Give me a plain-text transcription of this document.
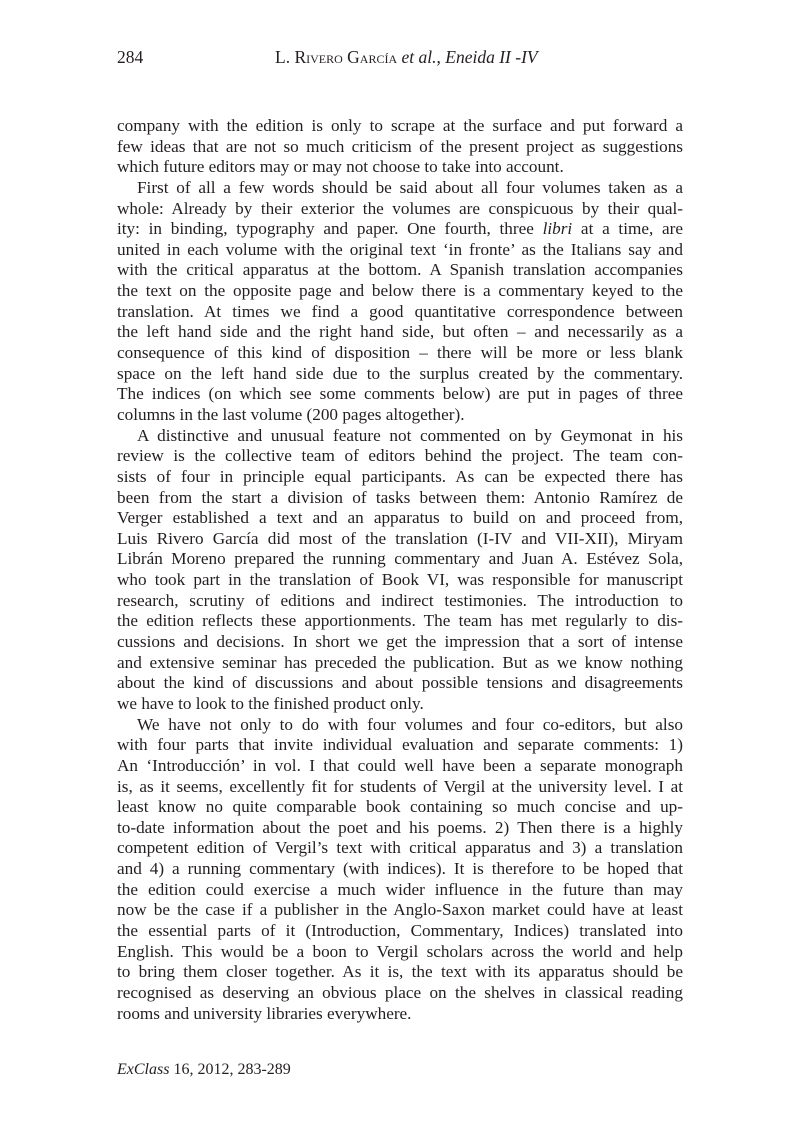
284	L. Rivero García et al., Eneida II -IV
company with the edition is only to scrape at the surface and put forward a
few ideas that are not so much criticism of the present project as suggestions
which future editors may or may not choose to take into account.
First of all a few words should be said about all four volumes taken as a
whole: Already by their exterior the volumes are conspicuous by their qual-
ity: in binding, typography and paper. One fourth, three libri at a time, are
united in each volume with the original text ‘in fronte’ as the Italians say and
with the critical apparatus at the bottom. A Spanish translation accompanies
the text on the opposite page and below there is a commentary keyed to the
translation. At times we find a good quantitative correspondence between
the left hand side and the right hand side, but often – and necessarily as a
consequence of this kind of disposition – there will be more or less blank
space on the left hand side due to the surplus created by the commentary.
The indices (on which see some comments below) are put in pages of three
columns in the last volume (200 pages altogether).
A distinctive and unusual feature not commented on by Geymonat in his
review is the collective team of editors behind the project. The team con-
sists of four in principle equal participants. As can be expected there has
been from the start a division of tasks between them: Antonio Ramírez de
Verger established a text and an apparatus to build on and proceed from,
Luis Rivero García did most of the translation (I-IV and VII-XII), Miryam
Librán Moreno prepared the running commentary and Juan A. Estévez Sola,
who took part in the translation of Book VI, was responsible for manuscript
research, scrutiny of editions and indirect testimonies. The introduction to
the edition reflects these apportionments. The team has met regularly to dis-
cussions and decisions. In short we get the impression that a sort of intense
and extensive seminar has preceded the publication. But as we know nothing
about the kind of discussions and about possible tensions and disagreements
we have to look to the finished product only.
We have not only to do with four volumes and four co-editors, but also
with four parts that invite individual evaluation and separate comments: 1)
An ‘Introducción’ in vol. I that could well have been a separate monograph
is, as it seems, excellently fit for students of Vergil at the university level. I at
least know no quite comparable book containing so much concise and up-
to-date information about the poet and his poems. 2) Then there is a highly
competent edition of Vergil’s text with critical apparatus and 3) a translation
and 4) a running commentary (with indices). It is therefore to be hoped that
the edition could exercise a much wider influence in the future than may
now be the case if a publisher in the Anglo-Saxon market could have at least
the essential parts of it (Introduction, Commentary, Indices) translated into
English. This would be a boon to Vergil scholars across the world and help
to bring them closer together. As it is, the text with its apparatus should be
recognised as deserving an obvious place on the shelves in classical reading
rooms and university libraries everywhere.
ExClass 16, 2012, 283-289
